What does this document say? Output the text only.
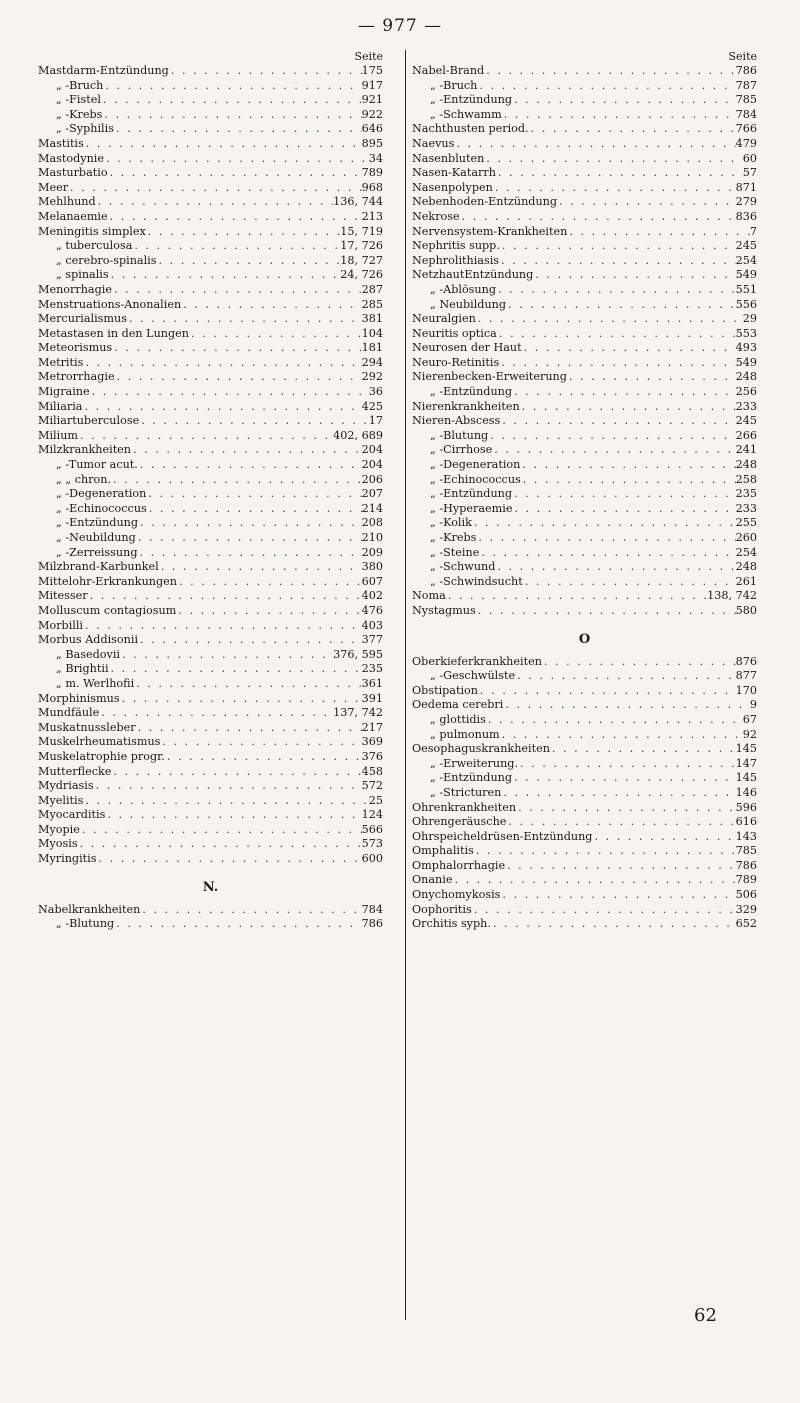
— 977 —
Seite
Mastdarm-Entzündung . . .	175
„ -Bruch . . .	917
„ -Fistel . . .	921
„ -Krebs . . .	922
„ -Syphilis . . .	646
Mastitis . . .	895
Mastodynie . . .	34
Masturbatio . . .	789
Meer . . .	968
Mehlhund . . .	136, 744
Melanaemie . . .	213
Meningitis simplex . . .	15, 719
„ tuberculosa . . .	17, 726
„ cerebro-spinalis . . .	18, 727
„ spinalis . . .	24, 726
Menorrhagie . . .	287
Menstruations-Anonalien . . .	285
Mercurialismus . . .	381
Metastasen in den Lungen . . .	104
Meteorismus . . .	181
Metritis . . .	294
Metrorrhagie . . .	292
Migraine . . .	36
Miliaria . . .	425
Miliartuberculose . . .	17
Milium . . .	402, 689
Milzkrankheiten . . .	204
„ -Tumor acut. . . .	204
„ „ chron. . . .	206
„ -Degeneration . . .	207
„ -Echinococcus . . .	214
„ -Entzündung . . .	208
„ -Neubildung . . .	210
„ -Zerreissung . . .	209
Milzbrand-Karbunkel . . .	380
Mittelohr-Erkrankungen . . .	607
Mitesser . . .	402
Molluscum contagiosum . . .	476
Morbilli . . .	403
Morbus Addisonii . . .	377
„ Basedovii . . .	376, 595
„ Brightii . . .	235
„ m. Werlhofii . . .	361
Morphinismus . . .	391
Mundfäule . . .	137, 742
Muskatnussleber . . .	217
Muskelrheumatismus . . .	369
Muskelatrophie progr. . . .	376
Mutterflecke . . .	458
Mydriasis . . .	572
Myelitis . . .	25
Myocarditis . . .	124
Myopie . . .	566
Myosis . . .	573
Myringitis . . .	600
N.
Nabelkrankheiten . . .	784
„ -Blutung . . .	786
Seite
Nabel-Brand . . .	786
„ -Bruch . . .	787
„ -Entzündung . . .	785
„ -Schwamm . . .	784
Nachthusten period. . . .	766
Naevus . . .	479
Nasenbluten . . .	60
Nasen-Katarrh . . .	57
Nasenpolypen . . .	871
Nebenhoden-Entzündung . . .	279
Nekrose . . .	836
Nervensystem-Krankheiten . . .	7
Nephritis supp. . . .	245
Nephrolithiasis . . .	254
NetzhautEntzündung . . .	549
„ -Ablösung . . .	551
„ Neubildung . . .	556
Neuralgien . . .	29
Neuritis optica . . .	553
Neurosen der Haut . . .	493
Neuro-Retinitis . . .	549
Nierenbecken-Erweiterung . . .	248
„ -Entzündung . . .	256
Nierenkrankheiten . . .	233
Nieren-Abscess . . .	245
„ -Blutung . . .	266
„ -Cirrhose . . .	241
„ -Degeneration . . .	248
„ -Echinococcus . . .	258
„ -Entzündung . . .	235
„ -Hyperaemie . . .	233
„ -Kolik . . .	255
„ -Krebs . . .	260
„ -Steine . . .	254
„ -Schwund . . .	248
„ -Schwindsucht . . .	261
Noma . . .	138, 742
Nystagmus . . .	580
O
Oberkieferkrankheiten . . .	876
„ -Geschwülste . . .	877
Obstipation . . .	170
Oedema cerebri . . .	9
„ glottidis . . .	67
„ pulmonum . . .	92
Oesophaguskrankheiten . . .	145
„ -Erweiterung. . . .	147
„ -Entzündung . . .	145
„ -Stricturen . . .	146
Ohrenkrankheiten . . .	596
Ohrengeräusche . . .	616
Ohrspeicheldrüsen-Entzündung . . .	143
Omphalitis . . .	785
Omphalorrhagie . . .	786
Onanie . . .	789
Onychomykosis . . .	506
Oophoritis . . .	329
Orchitis syph. . . .	652
62
